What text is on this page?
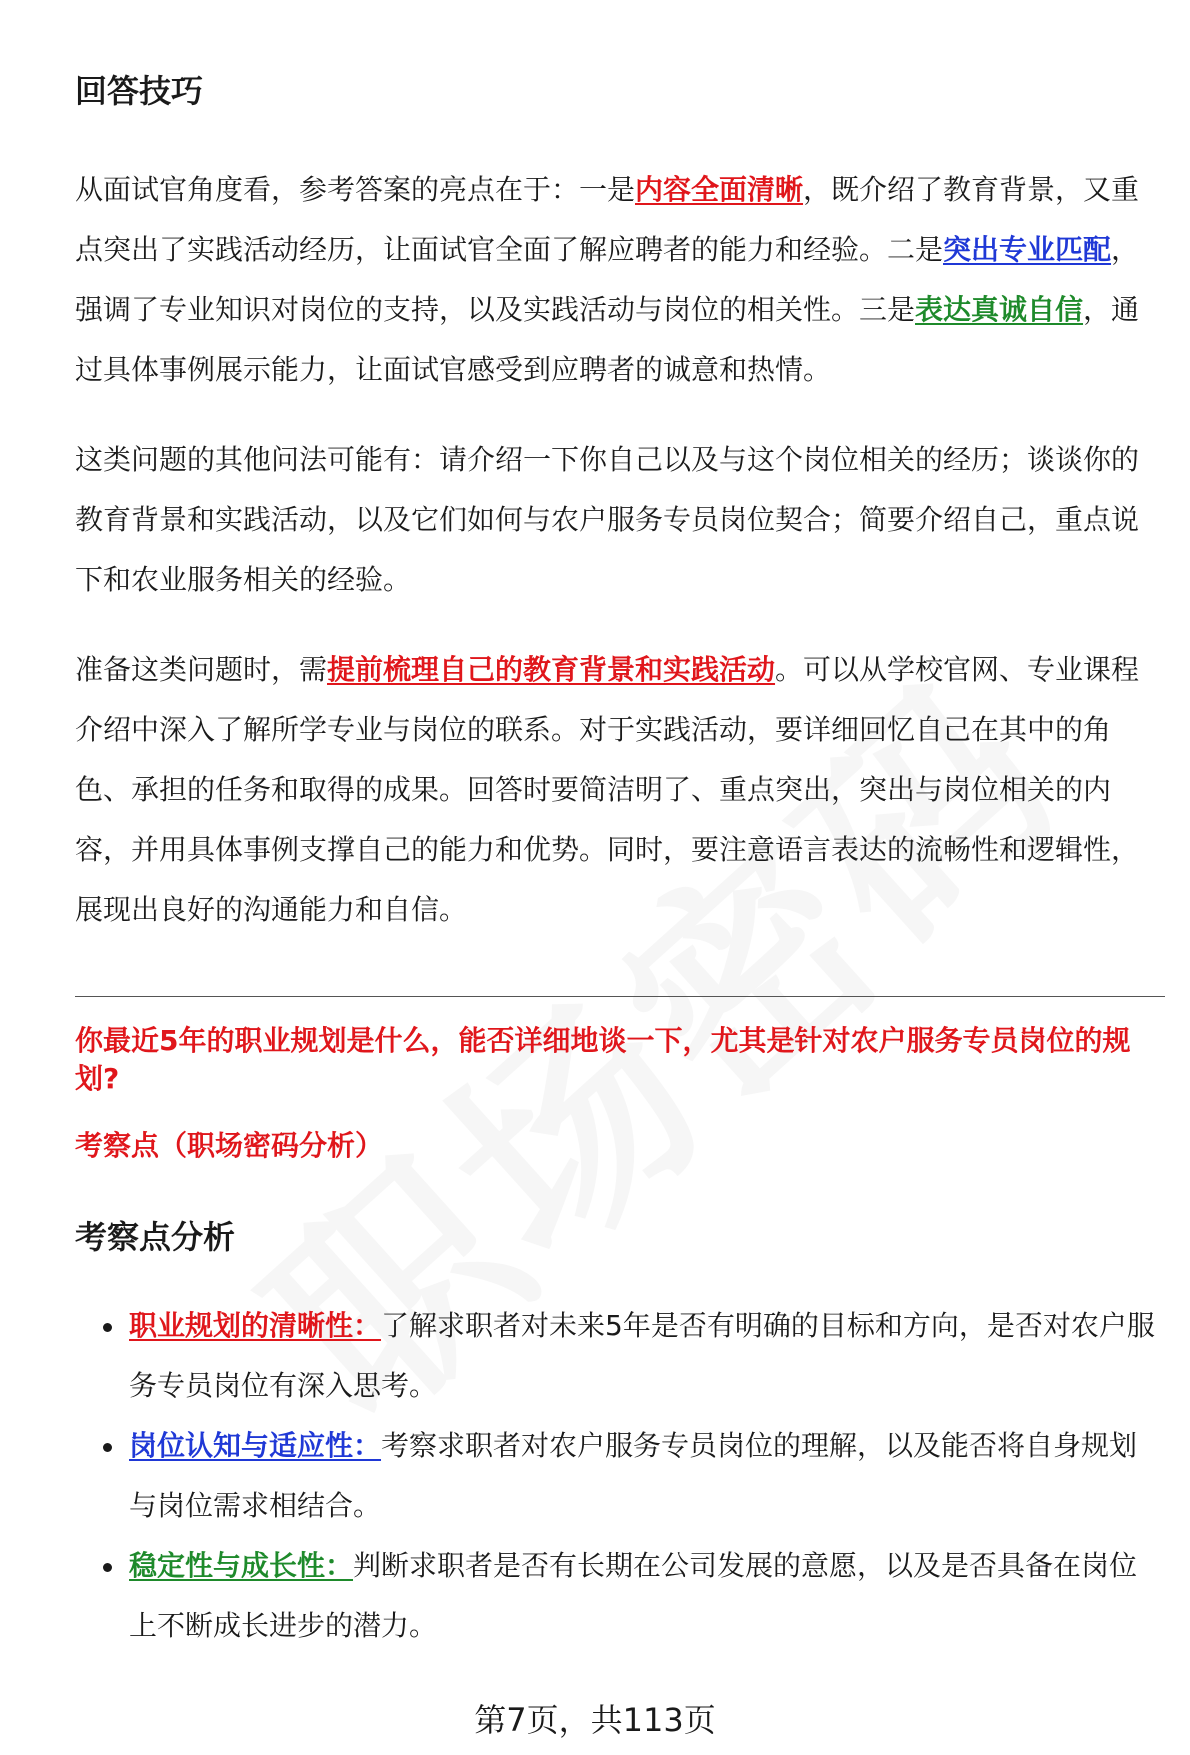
回答技巧

从面试官角度看，参考答案的亮点在于：一是内容全面清晰，既介绍了教育背景，又重点突出了实践活动经历，让面试官全面了解应聘者的能力和经验。二是突出专业匹配，强调了专业知识对岗位的支持，以及实践活动与岗位的相关性。三是表达真诚自信，通过具体事例展示能力，让面试官感受到应聘者的诚意和热情。

这类问题的其他问法可能有：请介绍一下你自己以及与这个岗位相关的经历；谈谈你的教育背景和实践活动，以及它们如何与农户服务专员岗位契合；简要介绍自己，重点说下和农业服务相关的经验。

准备这类问题时，需提前梳理自己的教育背景和实践活动。可以从学校官网、专业课程介绍中深入了解所学专业与岗位的联系。对于实践活动，要详细回忆自己在其中的角色、承担的任务和取得的成果。回答时要简洁明了、重点突出，突出与岗位相关的内容，并用具体事例支撑自己的能力和优势。同时，要注意语言表达的流畅性和逻辑性，展现出良好的沟通能力和自信。

你最近5年的职业规划是什么，能否详细地谈一下，尤其是针对农户服务专员岗位的规划?

考察点（职场密码分析）

考察点分析
职业规划的清晰性：了解求职者对未来5年是否有明确的目标和方向，是否对农户服务专员岗位有深入思考。
岗位认知与适应性：考察求职者对农户服务专员岗位的理解，以及能否将自身规划与岗位需求相结合。
稳定性与成长性：判断求职者是否有长期在公司发展的意愿，以及是否具备在岗位上不断成长进步的潜力。
第7页，共113页
